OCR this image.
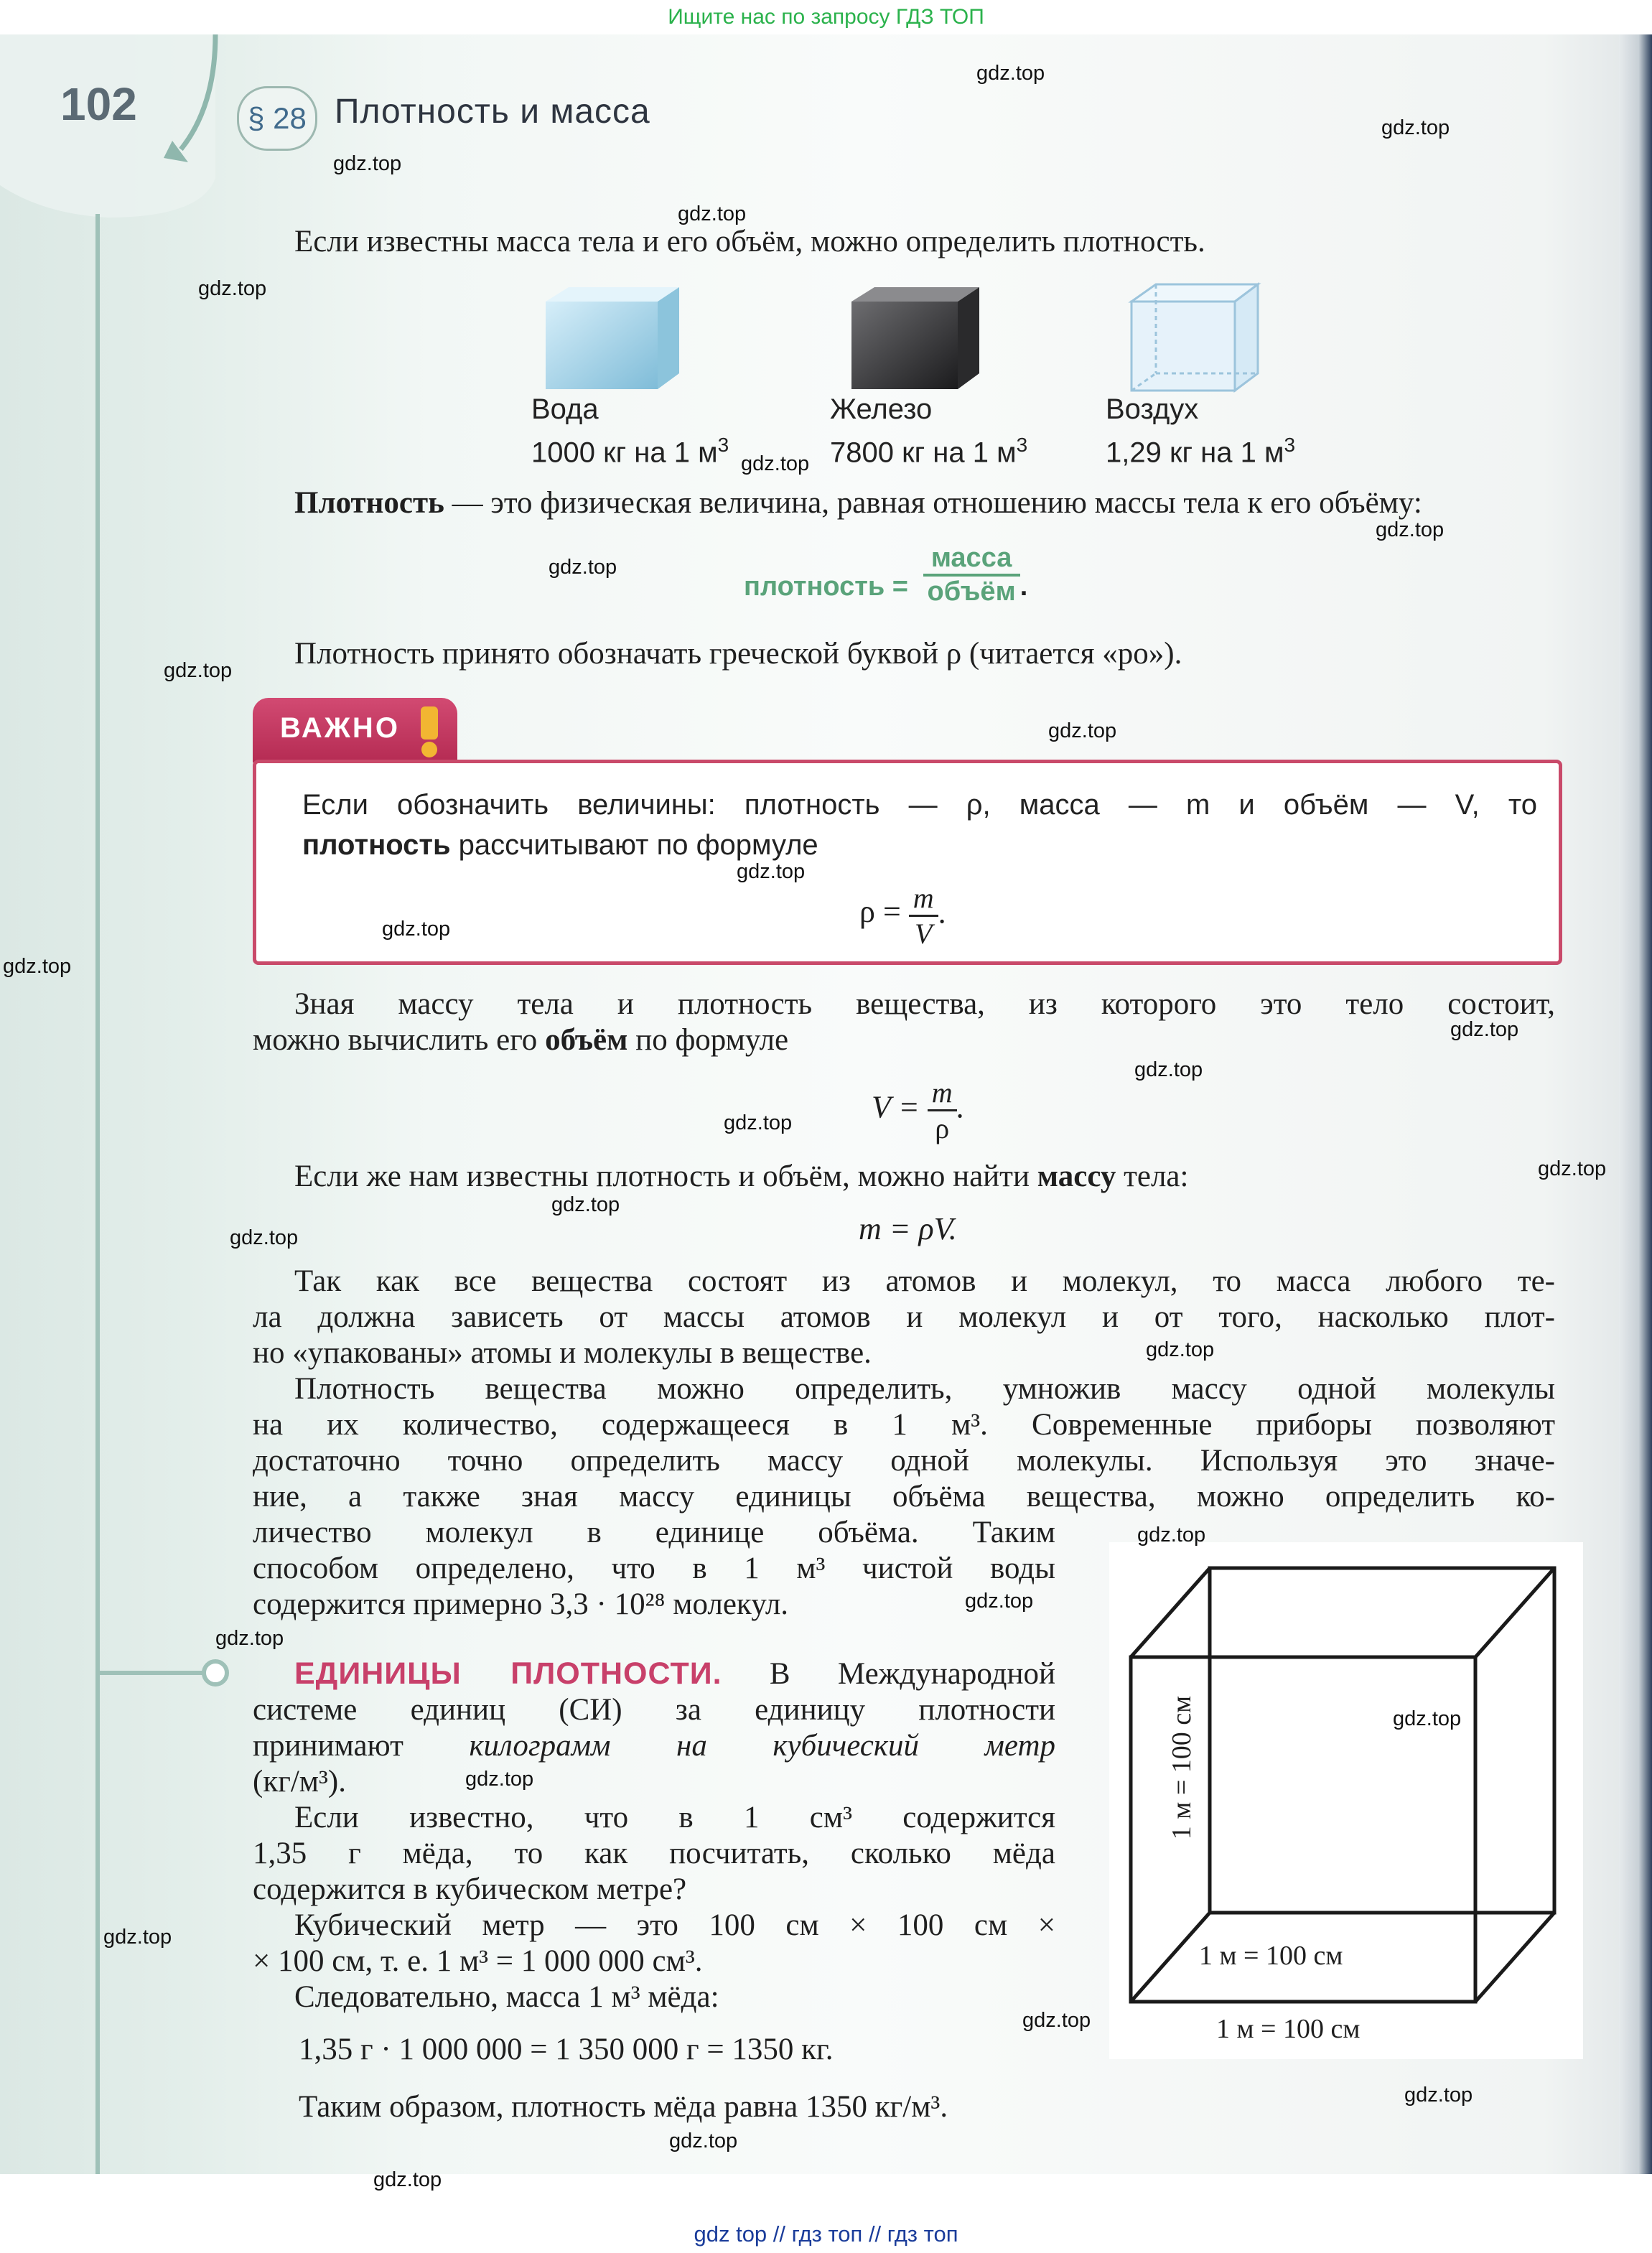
Ищите нас по запросу ГДЗ ТОП
102	§ 28 Плотность и масса
Если известны масса тела и его объём, можно определить плотность.
Вода
1000 кг на 1 $м^3$
Железо
7800 кг на 1 $м^3$
Воздух
1,29 кг на 1 $м^3$
Плотность — это физическая величина, равная отношению массы тела к его объёму:
плотность =
масса
объём .
Плотность принято обозначать греческой буквой ρ (читается «ро»).
ВАЖНО
Если обозначить величины: плотность — ρ, масса — m и объём — V, то
плотность рассчитывают по формуле
$\rho = \frac{m}{V}$ .
Зная массу тела и плотность вещества, из которого это тело состоит,
можно вычислить его объём по формуле
$V = \frac{m}{\rho}$ .
Если же нам известны плотность и объём, можно найти массу тела:
m = ρV.
Так как все вещества состоят из атомов и молекул, то масса любого те-
ла должна зависеть от массы атомов и молекул и от того, насколько плот-
но «упакованы» атомы и молекулы в веществе.
Плотность вещества можно определить, умножив массу одной молекулы
на их количество, содержащееся в 1 м³. Современные приборы позволяют
достаточно точно определить массу одной молекулы. Используя это значе-
ние, а также зная массу единицы объёма вещества, можно определить ко-
личество молекул в единице объёма. Таким
способом определено, что в 1 м³ чистой воды
содержится примерно 3,3 · 10²⁸ молекул.
1 м = 100 см
1 м = 100 см
1 м = 100 см
ЕДИНИЦЫ ПЛОТНОСТИ. В Международной
системе единиц (СИ) за единицу плотности
принимают килограмм на кубический метр
(кг/м³).
Если известно, что в 1 см³ содержится
1,35 г мёда, то как посчитать, сколько мёда
содержится в кубическом метре?
Кубический метр — это 100 см × 100 см ×
× 100 см, т. е. 1 м³ = 1 000 000 см³.
Следовательно, масса 1 м³ мёда:
1,35 г · 1 000 000 = 1 350 000 г = 1350 кг.
Таким образом, плотность мёда равна 1350 кг/м³.
gdz.top
gdz.top
gdz.top
gdz.top
gdz.top
gdz.top
gdz.top
gdz.top
gdz.top
gdz.top
gdz.top
gdz.top
gdz.top
gdz.top
gdz.top
gdz.top
gdz.top
gdz.top
gdz.top
gdz.top
gdz.top
gdz.top
gdz.top
gdz.top
gdz.top
gdz.top
gdz.top
gdz.top
gdz.top
gdz.top
gdz top // гдз топ // гдз топ
